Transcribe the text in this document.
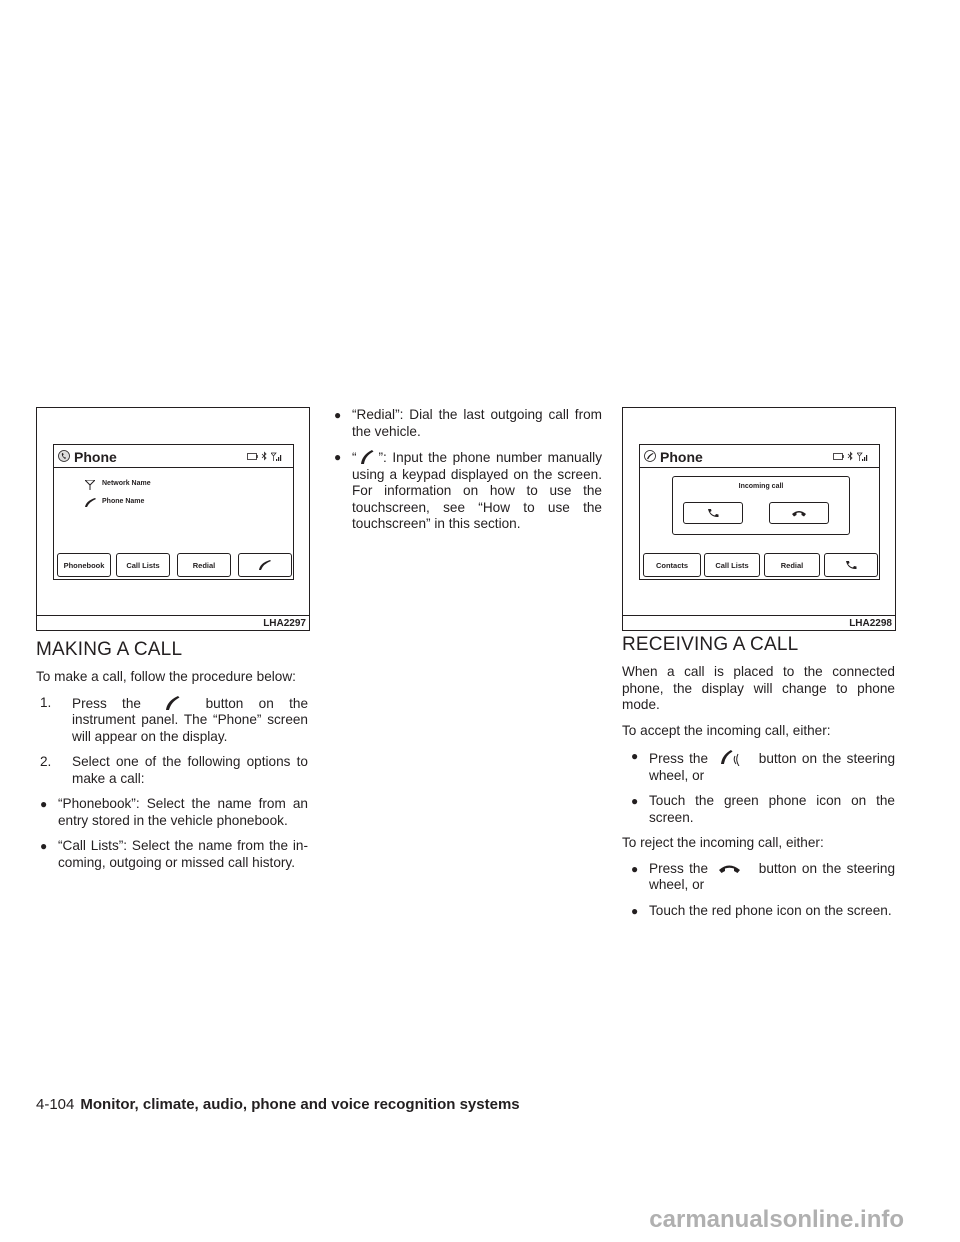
Phone
Network Name
Phone Name
Phonebook	Call Lists	Redial
LHA2297
Phone
Incoming call
Contacts	Call Lists	Redial
LHA2298

MAKING A CALL

To make a call, follow the procedure below:

1. Press the	button on the instrument panel. The “Phone” screen will appear on the display.
2. Select one of the following options to make a call:
● “Phonebook”: Select the name from an entry stored in the vehicle phonebook.
● “Call Lists”: Select the name from the in-coming, outgoing or missed call history.
● “Redial”: Dial the last outgoing call from the vehicle.
● “ ”: Input the phone number manually using a keypad displayed on the screen. For information on how to use the touchscreen, see “How to use the touchscreen” in this section.

RECEIVING A CALL

When a call is placed to the connected phone, the display will change to phone mode.

To accept the incoming call, either:

● Press the	button on the steering wheel, or
● Touch the green phone icon on the screen.

To reject the incoming call, either:

● Press the	button on the steering wheel, or
● Touch the red phone icon on the screen.
4-104 Monitor, climate, audio, phone and voice recognition systems
carmanualsonline.info
